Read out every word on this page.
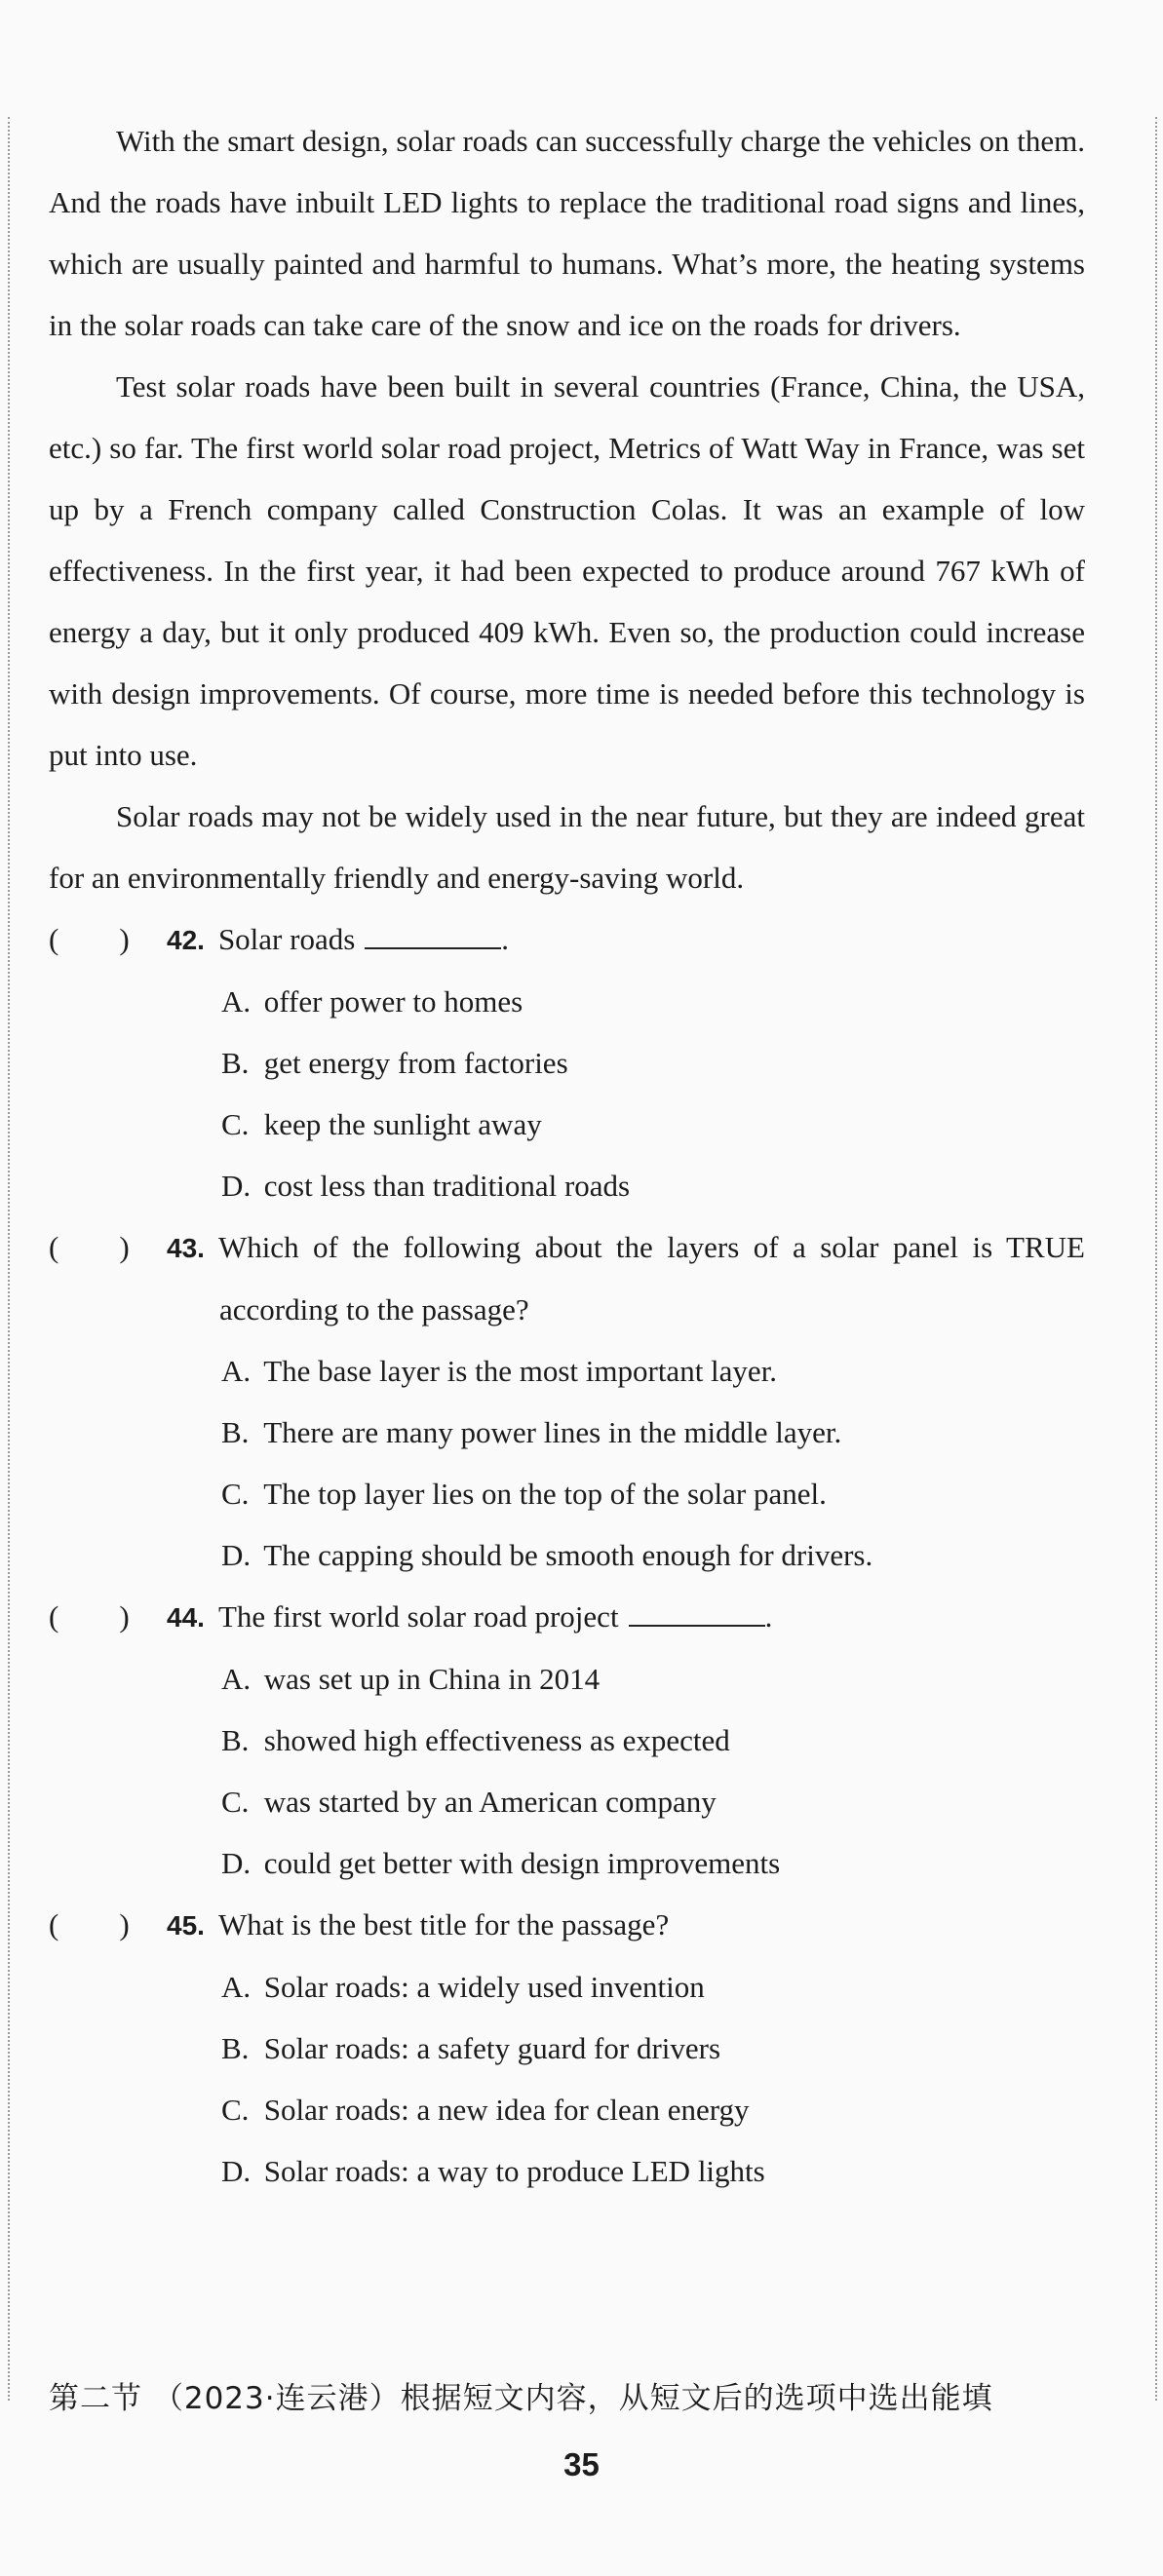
With the smart design, solar roads can successfully charge the vehicles on them. And the roads have inbuilt LED lights to replace the traditional road signs and lines, which are usually painted and harmful to humans. What’s more, the heating systems in the solar roads can take care of the snow and ice on the roads for drivers.

Test solar roads have been built in several countries (France, China, the USA, etc.) so far. The first world solar road project, Metrics of Watt Way in France, was set up by a French company called Construction Colas. It was an example of low effectiveness. In the first year, it had been expected to produce around 767 kWh of energy a day, but it only produced 409 kWh. Even so, the production could increase with design improvements. Of course, more time is needed before this technology is put into use.

Solar roads may not be widely used in the near future, but they are indeed great for an environmentally friendly and energy-saving world.

(        )	42. Solar roads	.
A. offer power to homes
B. get energy from factories
C. keep the sunlight away
D. cost less than traditional roads
(        )	43. Which of the following about the layers of a solar panel is TRUE according to the passage?
A. The base layer is the most important layer.
B. There are many power lines in the middle layer.
C. The top layer lies on the top of the solar panel.
D. The capping should be smooth enough for drivers.
(        )	44. The first world solar road project	.
A. was set up in China in 2014
B. showed high effectiveness as expected
C. was started by an American company
D. could get better with design improvements
(        )	45. What is the best title for the passage?
A. Solar roads: a widely used invention
B. Solar roads: a safety guard for drivers
C. Solar roads: a new idea for clean energy
D. Solar roads: a way to produce LED lights
第二节 （2023·连云港）根据短文内容，从短文后的选项中选出能填
35
